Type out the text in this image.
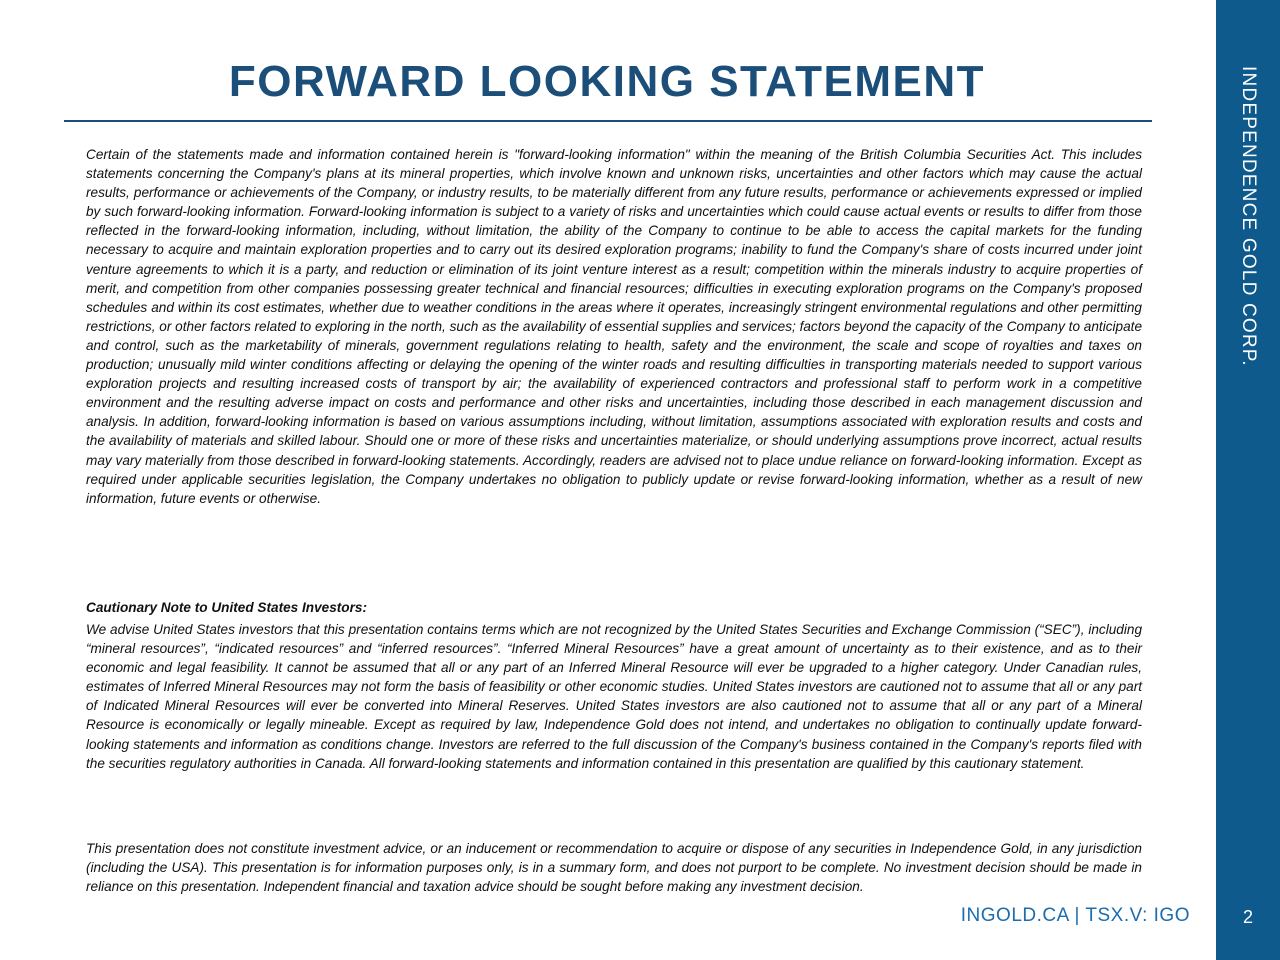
FORWARD LOOKING STATEMENT

Certain of the statements made and information contained herein is "forward-looking information" within the meaning of the British Columbia Securities Act. This includes statements concerning the Company's plans at its mineral properties, which involve known and unknown risks, uncertainties and other factors which may cause the actual results, performance or achievements of the Company, or industry results, to be materially different from any future results, performance or achievements expressed or implied by such forward-looking information. Forward-looking information is subject to a variety of risks and uncertainties which could cause actual events or results to differ from those reflected in the forward-looking information, including, without limitation, the ability of the Company to continue to be able to access the capital markets for the funding necessary to acquire and maintain exploration properties and to carry out its desired exploration programs; inability to fund the Company's share of costs incurred under joint venture agreements to which it is a party, and reduction or elimination of its joint venture interest as a result; competition within the minerals industry to acquire properties of merit, and competition from other companies possessing greater technical and financial resources; difficulties in executing exploration programs on the Company's proposed schedules and within its cost estimates, whether due to weather conditions in the areas where it operates, increasingly stringent environmental regulations and other permitting restrictions, or other factors related to exploring in the north, such as the availability of essential supplies and services; factors beyond the capacity of the Company to anticipate and control, such as the marketability of minerals, government regulations relating to health, safety and the environment, the scale and scope of royalties and taxes on production; unusually mild winter conditions affecting or delaying the opening of the winter roads and resulting difficulties in transporting materials needed to support various exploration projects and resulting increased costs of transport by air; the availability of experienced contractors and professional staff to perform work in a competitive environment and the resulting adverse impact on costs and performance and other risks and uncertainties, including those described in each management discussion and analysis. In addition, forward-looking information is based on various assumptions including, without limitation, assumptions associated with exploration results and costs and the availability of materials and skilled labour. Should one or more of these risks and uncertainties materialize, or should underlying assumptions prove incorrect, actual results may vary materially from those described in forward-looking statements. Accordingly, readers are advised not to place undue reliance on forward-looking information. Except as required under applicable securities legislation, the Company undertakes no obligation to publicly update or revise forward-looking information, whether as a result of new information, future events or otherwise.

Cautionary Note to United States Investors:

We advise United States investors that this presentation contains terms which are not recognized by the United States Securities and Exchange Commission (“SEC”), including “mineral resources”, “indicated resources” and “inferred resources”. “Inferred Mineral Resources” have a great amount of uncertainty as to their existence, and as to their economic and legal feasibility. It cannot be assumed that all or any part of an Inferred Mineral Resource will ever be upgraded to a higher category. Under Canadian rules, estimates of Inferred Mineral Resources may not form the basis of feasibility or other economic studies. United States investors are cautioned not to assume that all or any part of Indicated Mineral Resources will ever be converted into Mineral Reserves. United States investors are also cautioned not to assume that all or any part of a Mineral Resource is economically or legally mineable. Except as required by law, Independence Gold does not intend, and undertakes no obligation to continually update forward-looking statements and information as conditions change. Investors are referred to the full discussion of the Company's business contained in the Company's reports filed with the securities regulatory authorities in Canada. All forward-looking statements and information contained in this presentation are qualified by this cautionary statement.

This presentation does not constitute investment advice, or an inducement or recommendation to acquire or dispose of any securities in Independence Gold, in any jurisdiction (including the USA). This presentation is for information purposes only, is in a summary form, and does not purport to be complete. No investment decision should be made in reliance on this presentation. Independent financial and taxation advice should be sought before making any investment decision.

INDEPENDENCE GOLD CORP.
INGOLD.CA | TSX.V: IGO	2
